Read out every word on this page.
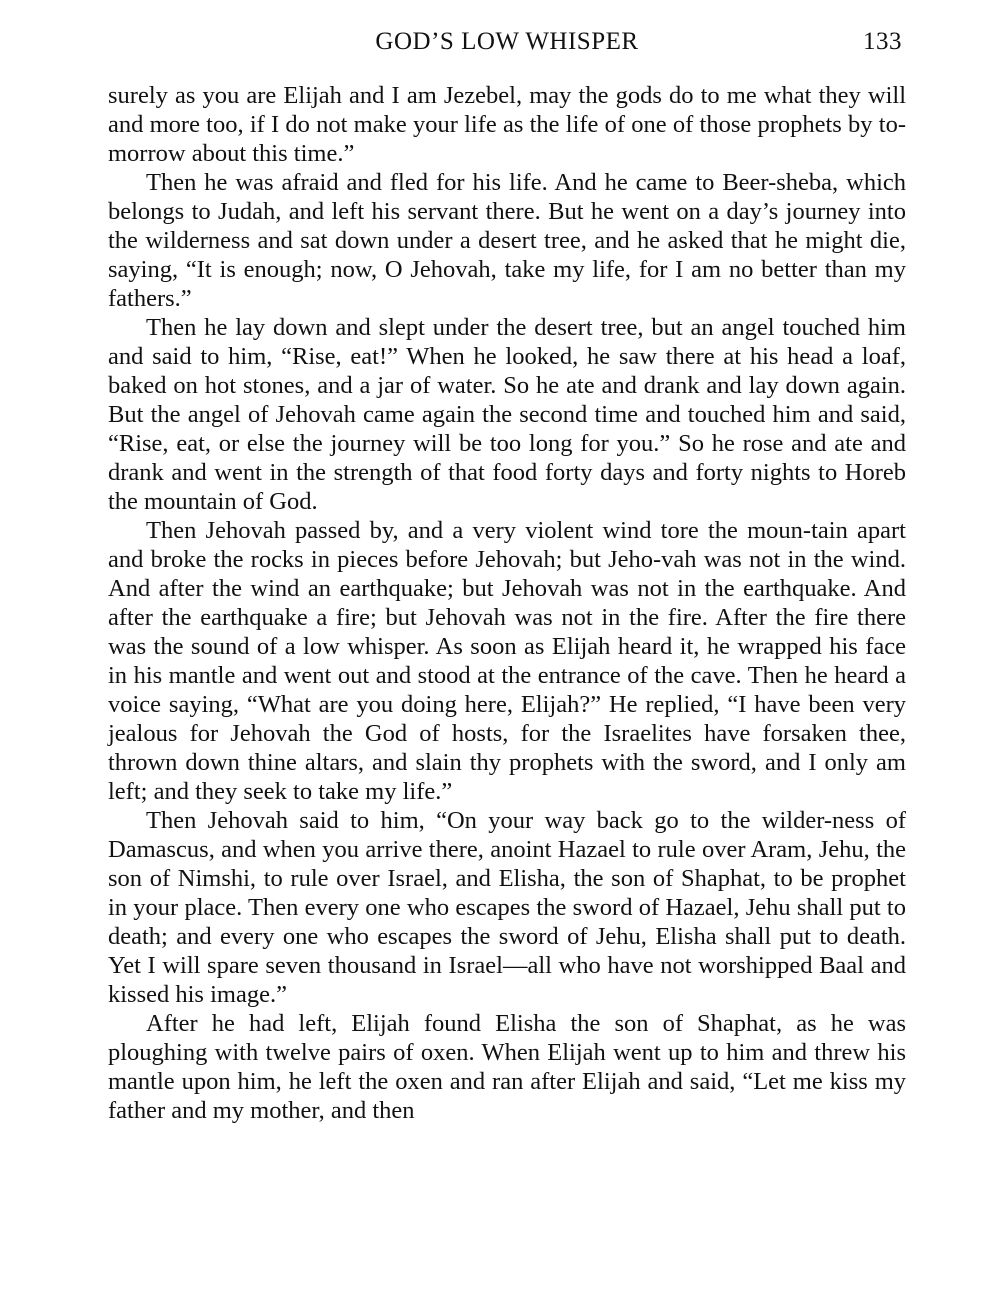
GOD’S LOW WHISPER	133

surely as you are Elijah and I am Jezebel, may the gods do to me what they will and more too, if I do not make your life as the life of one of those prophets by to-morrow about this time.”

Then he was afraid and fled for his life. And he came to Beer-sheba, which belongs to Judah, and left his servant there. But he went on a day’s journey into the wilderness and sat down under a desert tree, and he asked that he might die, saying, “It is enough; now, O Jehovah, take my life, for I am no better than my fathers.”

Then he lay down and slept under the desert tree, but an angel touched him and said to him, “Rise, eat!” When he looked, he saw there at his head a loaf, baked on hot stones, and a jar of water. So he ate and drank and lay down again. But the angel of Jehovah came again the second time and touched him and said, “Rise, eat, or else the journey will be too long for you.” So he rose and ate and drank and went in the strength of that food forty days and forty nights to Horeb the mountain of God.

Then Jehovah passed by, and a very violent wind tore the moun-tain apart and broke the rocks in pieces before Jehovah; but Jeho-vah was not in the wind. And after the wind an earthquake; but Jehovah was not in the earthquake. And after the earthquake a fire; but Jehovah was not in the fire. After the fire there was the sound of a low whisper. As soon as Elijah heard it, he wrapped his face in his mantle and went out and stood at the entrance of the cave. Then he heard a voice saying, “What are you doing here, Elijah?” He replied, “I have been very jealous for Jehovah the God of hosts, for the Israelites have forsaken thee, thrown down thine altars, and slain thy prophets with the sword, and I only am left; and they seek to take my life.”

Then Jehovah said to him, “On your way back go to the wilder-ness of Damascus, and when you arrive there, anoint Hazael to rule over Aram, Jehu, the son of Nimshi, to rule over Israel, and Elisha, the son of Shaphat, to be prophet in your place. Then every one who escapes the sword of Hazael, Jehu shall put to death; and every one who escapes the sword of Jehu, Elisha shall put to death. Yet I will spare seven thousand in Israel—all who have not worshipped Baal and kissed his image.”

After he had left, Elijah found Elisha the son of Shaphat, as he was ploughing with twelve pairs of oxen. When Elijah went up to him and threw his mantle upon him, he left the oxen and ran after Elijah and said, “Let me kiss my father and my mother, and then
